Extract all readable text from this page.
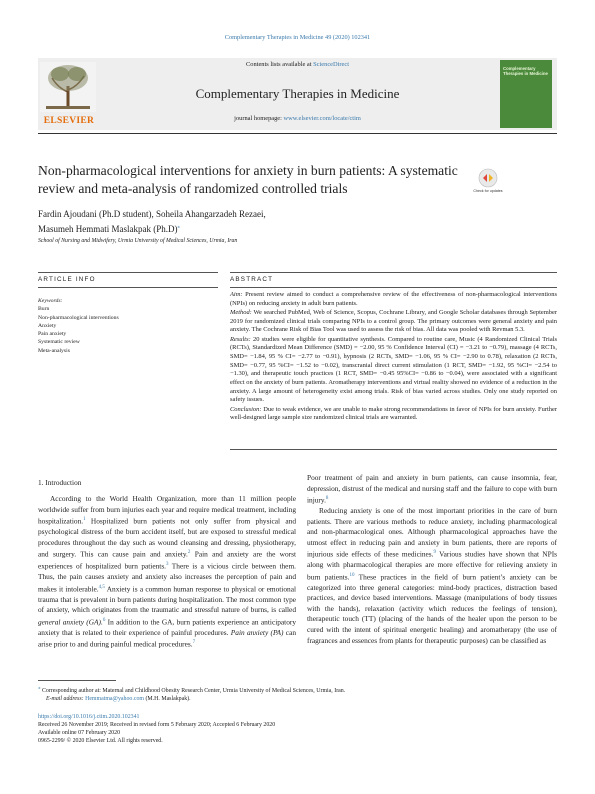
Complementary Therapies in Medicine 49 (2020) 102341
ELSEVIER
Contents lists available at ScienceDirect
Complementary Therapies in Medicine
journal homepage: www.elsevier.com/locate/ctim
Complementary Therapies in Medicine
Non-pharmacological interventions for anxiety in burn patients: A systematic review and meta-analysis of randomized controlled trials	Check for updates
Fardin Ajoudani (Ph.D student), Soheila Ahangarzadeh Rezaei,
Masumeh Hemmati Maslakpak (Ph.D)⁎
School of Nursing and Midwifery, Urmia University of Medical Sciences, Urmia, Iran
ARTICLE INFO
Keywords:
Burn
Non-pharmacological interventions
Anxiety
Pain anxiety
Systematic review
Meta-analysis
ABSTRACT

Aim: Present review aimed to conduct a comprehensive review of the effectiveness of non-pharmacological interventions (NPIs) on reducing anxiety in adult burn patients.

Method: We searched PubMed, Web of Science, Scopus, Cochrane Library, and Google Scholar databases through September 2019 for randomized clinical trials comparing NPIs to a control group. The primary outcomes were general anxiety and pain anxiety. The Cochrane Risk of Bias Tool was used to assess the risk of bias. All data was pooled with Revman 5.3.

Results: 20 studies were eligible for quantitative synthesis. Compared to routine care, Music (4 Randomized Clinical Trials (RCTs), Standardized Mean Difference (SMD) = −2.00, 95 % Confidence Interval (CI) = −3.21 to −0.79), massage (4 RCTs, SMD= −1.84, 95 % CI= −2.77 to −0.91), hypnosis (2 RCTs, SMD= −1.06, 95 % CI= −2.90 to 0.78), relaxation (2 RCTs, SMD= −0.77, 95 %CI= −1.52 to −0.02), transcranial direct current stimulation (1 RCT, SMD= −1.92, 95 %CI= −2.54 to −1.30), and therapeutic touch practices (1 RCT, SMD= −0.45 95%CI= −0.86 to −0.04), were associated with a significant effect on the anxiety of burn patients. Aromatherapy interventions and virtual reality showed no evidence of a reduction in the anxiety. A large amount of heterogeneity exist among trials. Risk of bias varied across studies. Only one study reported on safety issues.

Conclusion: Due to weak evidence, we are unable to make strong recommendations in favor of NPIs for burn anxiety. Further well-designed large sample size randomized clinical trials are warranted.

1. Introduction

According to the World Health Organization, more than 11 million people worldwide suffer from burn injuries each year and require medical treatment, including hospitalization.$^1$ Hospitalized burn patients not only suffer from physical and psychological distress of the burn accident itself, but are exposed to stressful medical procedures throughout the day such as wound cleansing and dressing, physiotherapy, and surgery. This can cause pain and anxiety.$^2$ Pain and anxiety are the worst experiences of hospitalized burn patients.$^3$ There is a vicious circle between them. Thus, the pain causes anxiety and anxiety also increases the perception of pain and makes it intolerable.$^{4,5}$ Anxiety is a common human response to physical or emotional trauma that is prevalent in burn patients during hospitalization. The most common type of anxiety, which originates from the traumatic and stressful nature of burns, is called general anxiety (GA).$^6$ In addition to the GA, burn patients experience an anticipatory anxiety that is related to their experience of painful procedures. Pain anxiety (PA) can arise prior to and during painful medical procedures.$^7$

Poor treatment of pain and anxiety in burn patients, can cause insomnia, fear, depression, distrust of the medical and nursing staff and the failure to cope with burn injury.$^8$

Reducing anxiety is one of the most important priorities in the care of burn patients. There are various methods to reduce anxiety, including pharmacological and non-pharmacological ones. Although pharmacological approaches have the utmost effect in reducing pain and anxiety in burn patients, there are reports of injurious side effects of these medicines.$^9$ Various studies have shown that NPIs along with pharmacological therapies are more effective for relieving anxiety in burn patients.$^{10}$ These practices in the field of burn patient’s anxiety can be categorized into three general categories: mind-body practices, distraction based practices, and device based interventions. Massage (manipulations of body tissues with the hands), relaxation (activity which reduces the feelings of tension), therapeutic touch (TT) (placing of the hands of the healer upon the person to be cured with the intent of spiritual energetic healing) and aromatherapy (the use of fragrances and essences from plants for therapeutic purposes) can be classified as

⁎ Corresponding author at: Maternal and Childhood Obesity Research Center, Urmia University of Medical Sciences, Urmia, Iran.
E-mail address: Hemmatma@yahoo.com (M.H. Maslakpak).
https://doi.org/10.1016/j.ctim.2020.102341
Received 26 November 2019; Received in revised form 5 February 2020; Accepted 6 February 2020
Available online 07 February 2020
0965-2299/ © 2020 Elsevier Ltd. All rights reserved.
